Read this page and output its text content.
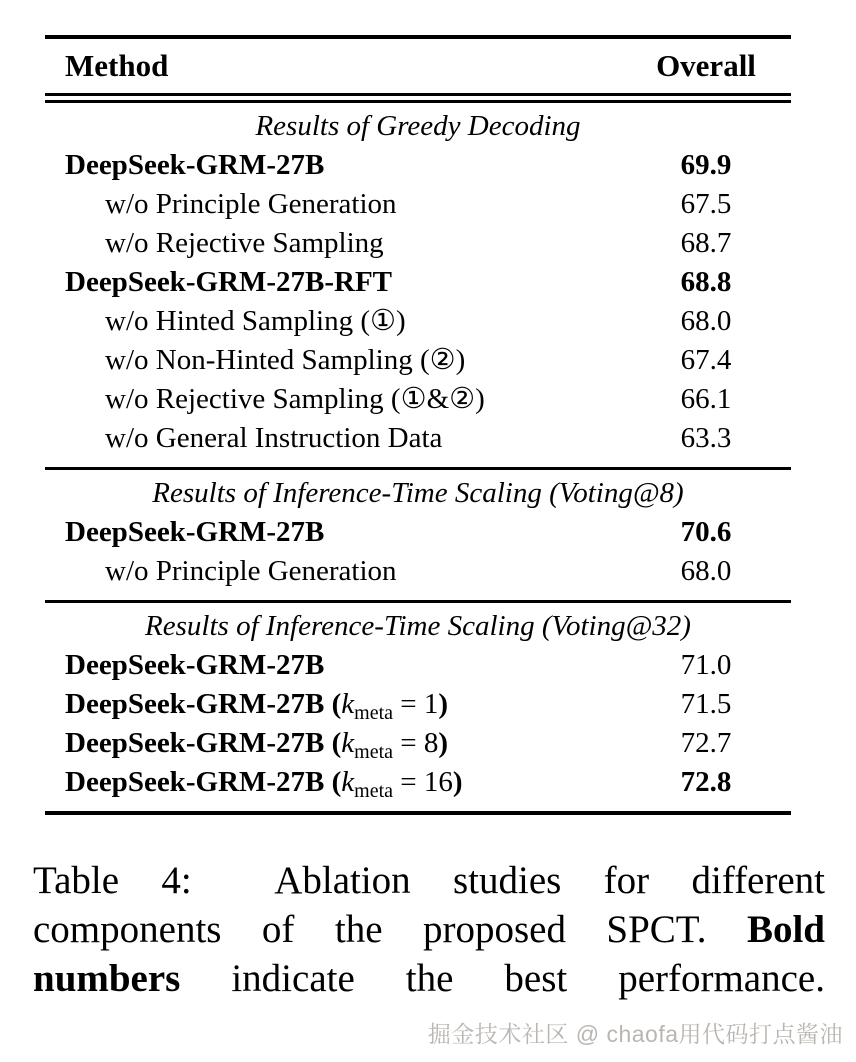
Method	Overall
Results of Greedy Decoding
DeepSeek-GRM-27B	69.9
w/o Principle Generation	67.5
w/o Rejective Sampling	68.7
DeepSeek-GRM-27B-RFT	68.8
w/o Hinted Sampling (①)	68.0
w/o Non-Hinted Sampling (②)	67.4
w/o Rejective Sampling (①&②)	66.1
w/o General Instruction Data	63.3
Results of Inference-Time Scaling (Voting@8)
DeepSeek-GRM-27B	70.6
w/o Principle Generation	68.0
Results of Inference-Time Scaling (Voting@32)
DeepSeek-GRM-27B	71.0
DeepSeek-GRM-27B $(k_{meta} = 1)$	71.5
DeepSeek-GRM-27B $(k_{meta} = 8)$	72.7
DeepSeek-GRM-27B $(k_{meta} = 16)$	72.8
Table 4:  Ablation studies for different
components of the proposed SPCT. Bold
numbers indicate the best performance.
掘金技术社区 @ chaofa用代码打点酱油
